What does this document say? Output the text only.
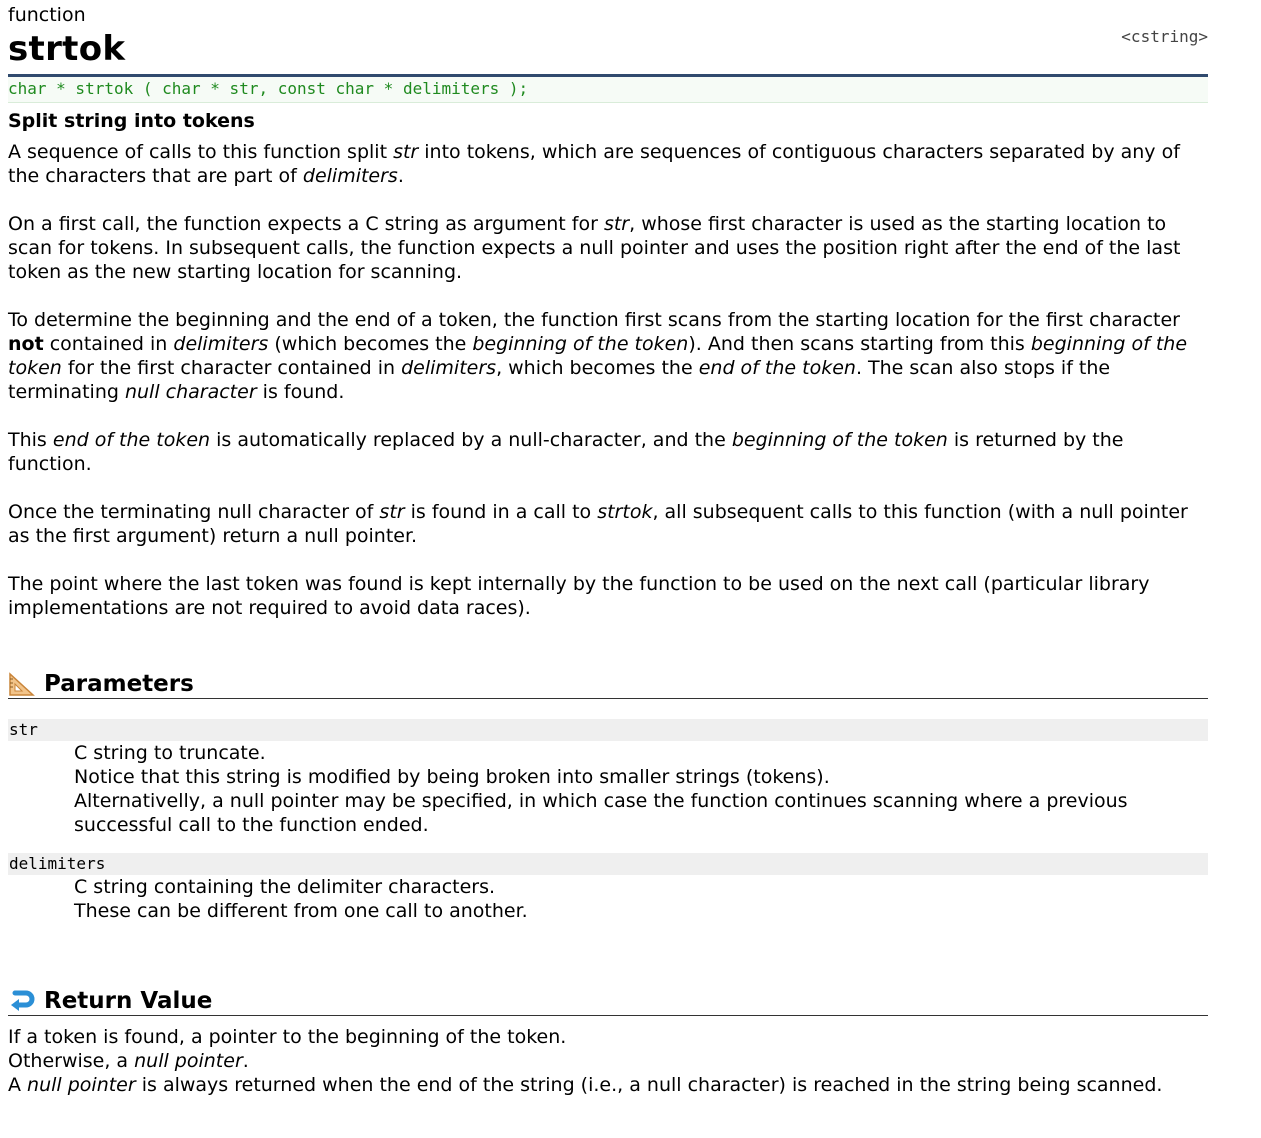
function
strtok	<cstring>
char * strtok ( char * str, const char * delimiters );
Split string into tokens

A sequence of calls to this function split str into tokens, which are sequences of contiguous characters separated by any of the characters that are part of delimiters.

On a first call, the function expects a C string as argument for str, whose first character is used as the starting location to scan for tokens. In subsequent calls, the function expects a null pointer and uses the position right after the end of the last token as the new starting location for scanning.

To determine the beginning and the end of a token, the function first scans from the starting location for the first character not contained in delimiters (which becomes the beginning of the token). And then scans starting from this beginning of the token for the first character contained in delimiters, which becomes the end of the token. The scan also stops if the terminating null character is found.

This end of the token is automatically replaced by a null-character, and the beginning of the token is returned by the function.

Once the terminating null character of str is found in a call to strtok, all subsequent calls to this function (with a null pointer as the first argument) return a null pointer.

The point where the last token was found is kept internally by the function to be used on the next call (particular library implementations are not required to avoid data races).

Parameters
str
C string to truncate.
Notice that this string is modified by being broken into smaller strings (tokens).
Alternativelly, a null pointer may be specified, in which case the function continues scanning where a previous successful call to the function ended.
delimiters
C string containing the delimiter characters.
These can be different from one call to another.
Return Value
If a token is found, a pointer to the beginning of the token.
Otherwise, a null pointer.
A null pointer is always returned when the end of the string (i.e., a null character) is reached in the string being scanned.
